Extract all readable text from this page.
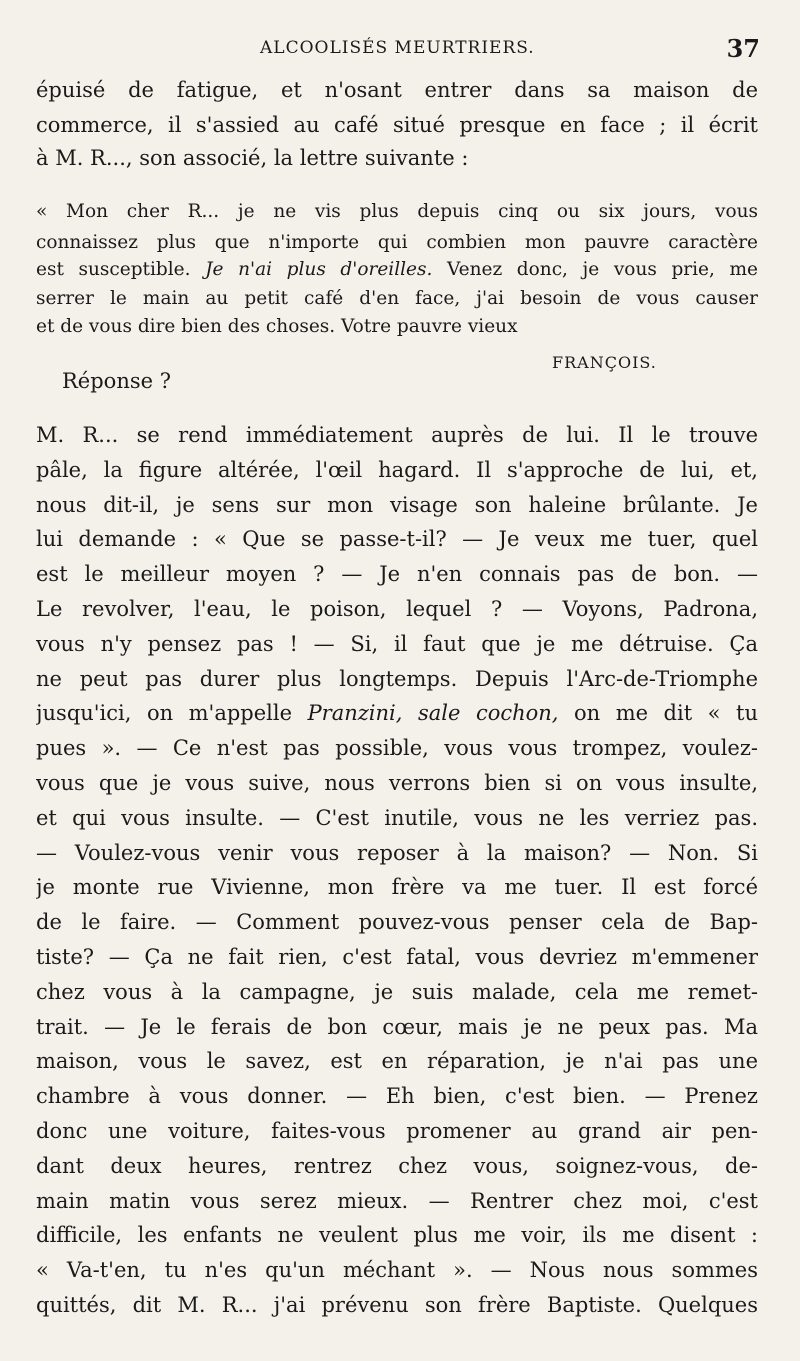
ALCOOLISÉS MEURTRIERS.	37
épuisé de fatigue, et n'osant entrer dans sa maison de
commerce, il s'assied au café situé presque en face ; il écrit
à M. R..., son associé, la lettre suivante :
« Mon cher R... je ne vis plus depuis cinq ou six jours, vous
connaissez plus que n'importe qui combien mon pauvre caractère
est susceptible. Je n'ai plus d'oreilles. Venez donc, je vous prie, me
serrer le main au petit café d'en face, j'ai besoin de vous causer
et de vous dire bien des choses. Votre pauvre vieux
M. R... se rend immédiatement auprès de lui. Il le trouve
pâle, la figure altérée, l'œil hagard. Il s'approche de lui, et,
nous dit-il, je sens sur mon visage son haleine brûlante. Je
lui demande : « Que se passe-t-il? — Je veux me tuer, quel
est le meilleur moyen ? — Je n'en connais pas de bon. —
Le revolver, l'eau, le poison, lequel ? — Voyons, Padrona,
vous n'y pensez pas ! — Si, il faut que je me détruise. Ça
ne peut pas durer plus longtemps. Depuis l'Arc-de-Triomphe
jusqu'ici, on m'appelle Pranzini, sale cochon, on me dit « tu
pues ». — Ce n'est pas possible, vous vous trompez, voulez-
vous que je vous suive, nous verrons bien si on vous insulte,
et qui vous insulte. — C'est inutile, vous ne les verriez pas.
— Voulez-vous venir vous reposer à la maison? — Non. Si
je monte rue Vivienne, mon frère va me tuer. Il est forcé
de le faire. — Comment pouvez-vous penser cela de Bap-
tiste? — Ça ne fait rien, c'est fatal, vous devriez m'emmener
chez vous à la campagne, je suis malade, cela me remet-
trait. — Je le ferais de bon cœur, mais je ne peux pas. Ma
maison, vous le savez, est en réparation, je n'ai pas une
chambre à vous donner. — Eh bien, c'est bien. — Prenez
donc une voiture, faites-vous promener au grand air pen-
dant deux heures, rentrez chez vous, soignez-vous, de-
main matin vous serez mieux. — Rentrer chez moi, c'est
difficile, les enfants ne veulent plus me voir, ils me disent :
« Va-t'en, tu n'es qu'un méchant ». — Nous nous sommes
quittés, dit M. R... j'ai prévenu son frère Baptiste. Quelques
FRANÇOIS.
Réponse ?
